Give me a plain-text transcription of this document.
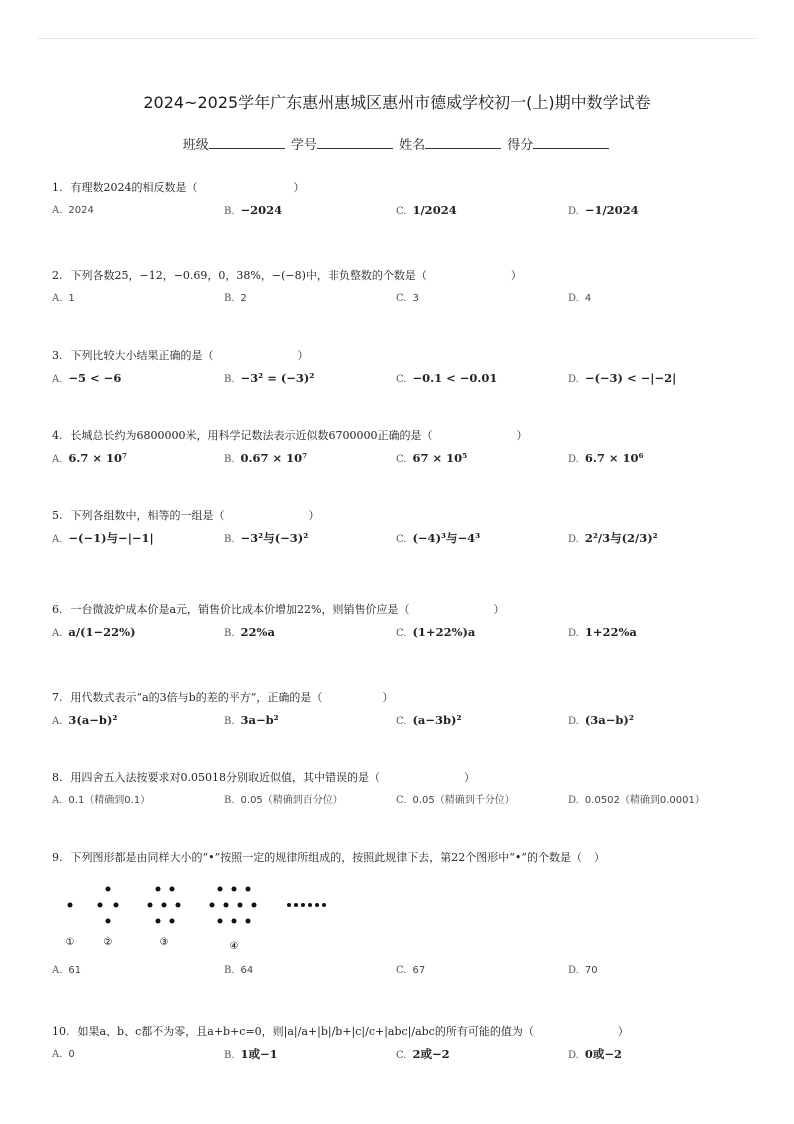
2024~2025学年广东惠州惠城区惠州市德威学校初一(上)期中数学试卷
班级	学号	姓名	得分
1. 有理数2024的相反数是（	）
A. 2024	B. −2024	C. 1/2024	D. −1/2024
2. 下列各数25，−12，−0.69，0，38%，−(−8)中，非负整数的个数是（	）
A. 1	B. 2	C. 3	D. 4
3. 下列比较大小结果正确的是（	）
A. −5 < −6	B. −3² = (−3)²	C. −0.1 < −0.01	D. −(−3) < −|−2|
4. 长城总长约为6800000米，用科学记数法表示近似数6700000正确的是（	）
A. 6.7 × 10⁷	B. 0.67 × 10⁷	C. 67 × 10⁵	D. 6.7 × 10⁶
5. 下列各组数中，相等的一组是（	）
A. −(−1)与−|−1|	B. −3²与(−3)²	C. (−4)³与−4³	D. 2²/3与(2/3)²
6. 一台微波炉成本价是a元，销售价比成本价增加22%，则销售价应是（	）
A. a/(1−22%)	B. 22%a	C. (1+22%)a	D. 1+22%a
7. 用代数式表示“a的3倍与b的差的平方”，正确的是（	）
A. 3(a−b)²	B. 3a−b²	C. (a−3b)²	D. (3a−b)²
8. 用四舍五入法按要求对0.05018分别取近似值，其中错误的是（	）
A. 0.1（精确到0.1）	B. 0.05（精确到百分位）	C. 0.05（精确到千分位）	D. 0.0502（精确到0.0001）
9. 下列图形都是由同样大小的“•”按照一定的规律所组成的，按照此规律下去，第22个图形中“•”的个数是（ ）
①	②	③	④
A. 61	B. 64	C. 67	D. 70
10. 如果a、b、c都不为零，且a+b+c=0，则|a|/a+|b|/b+|c|/c+|abc|/abc的所有可能的值为（	）
A. 0	B. 1或−1	C. 2或−2	D. 0或−2
